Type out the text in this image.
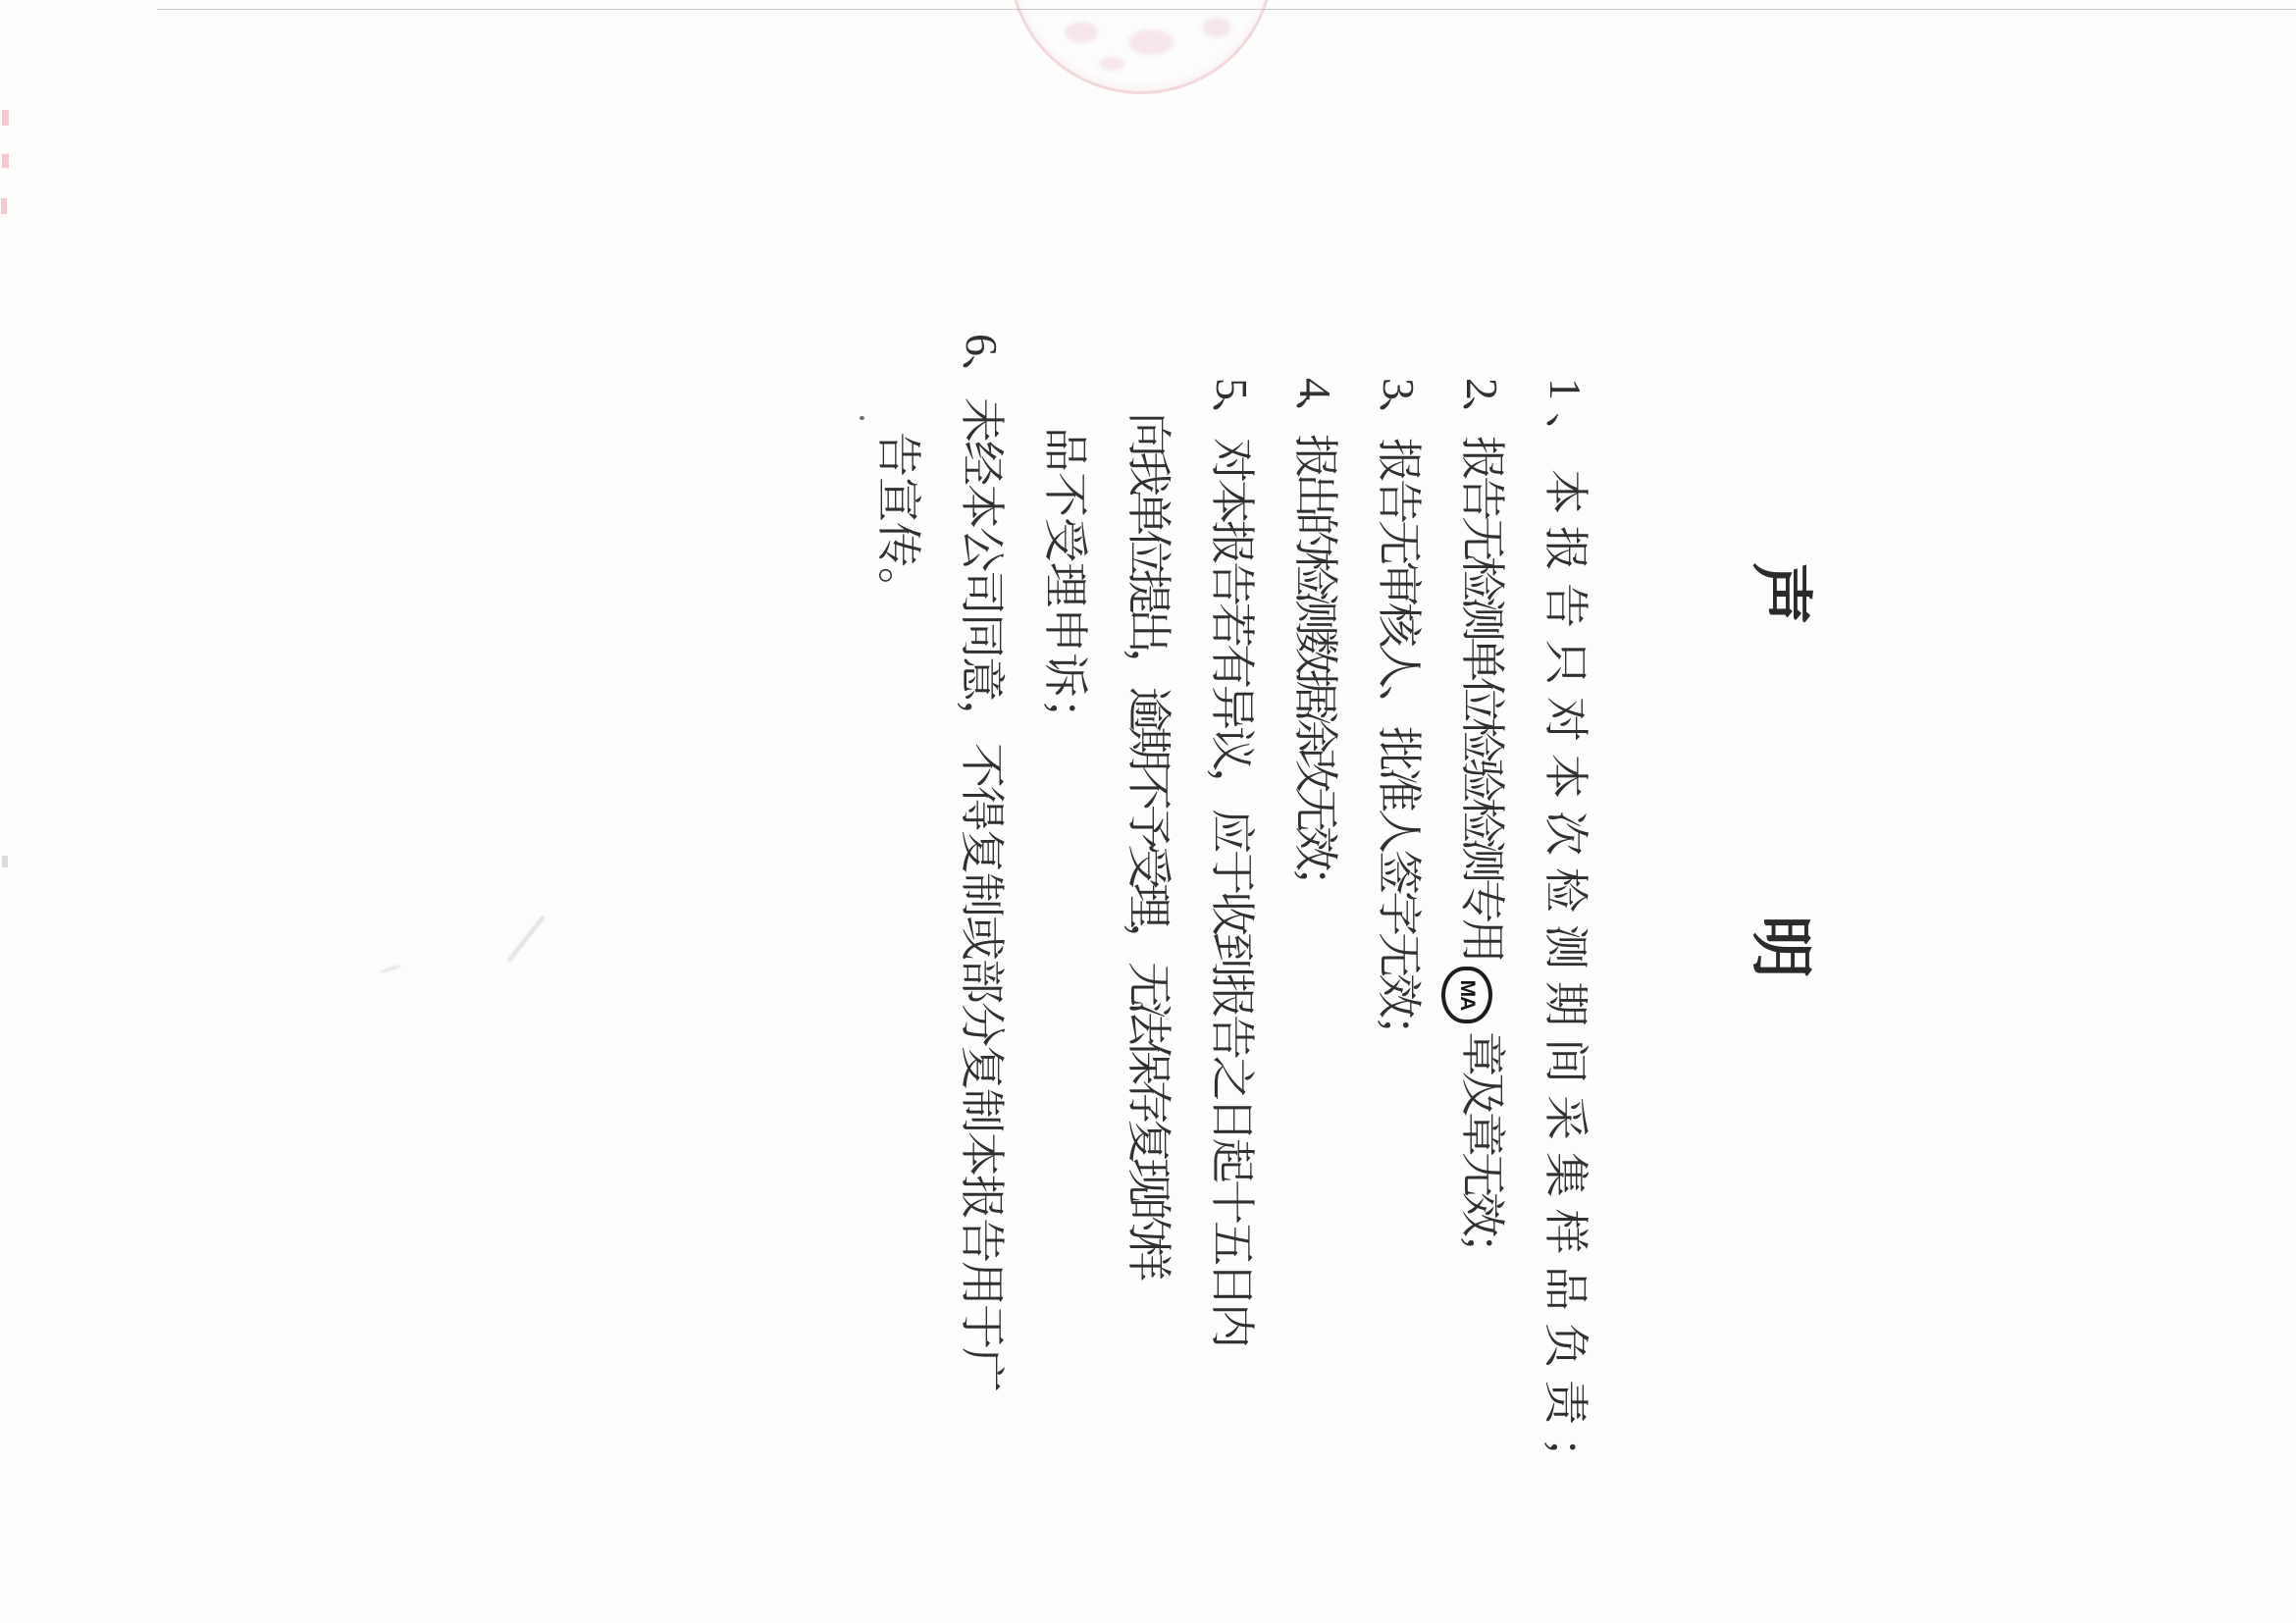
声
明
1、本报告只对本次检测期间采集样品负责；
2、报告无检测单位检验检测专用MA章及章无效；
3、报告无审核人、批准人签字无效；
4、报出的检测数据涂改无效；
5、对本报告若有异议，应于收到报告之日起十五日内
向我单位提出，逾期不予受理，无法保存复现的样
品不受理申诉；
6、未经本公司同意，不得复制或部分复制本报告用于广
告宣传。
